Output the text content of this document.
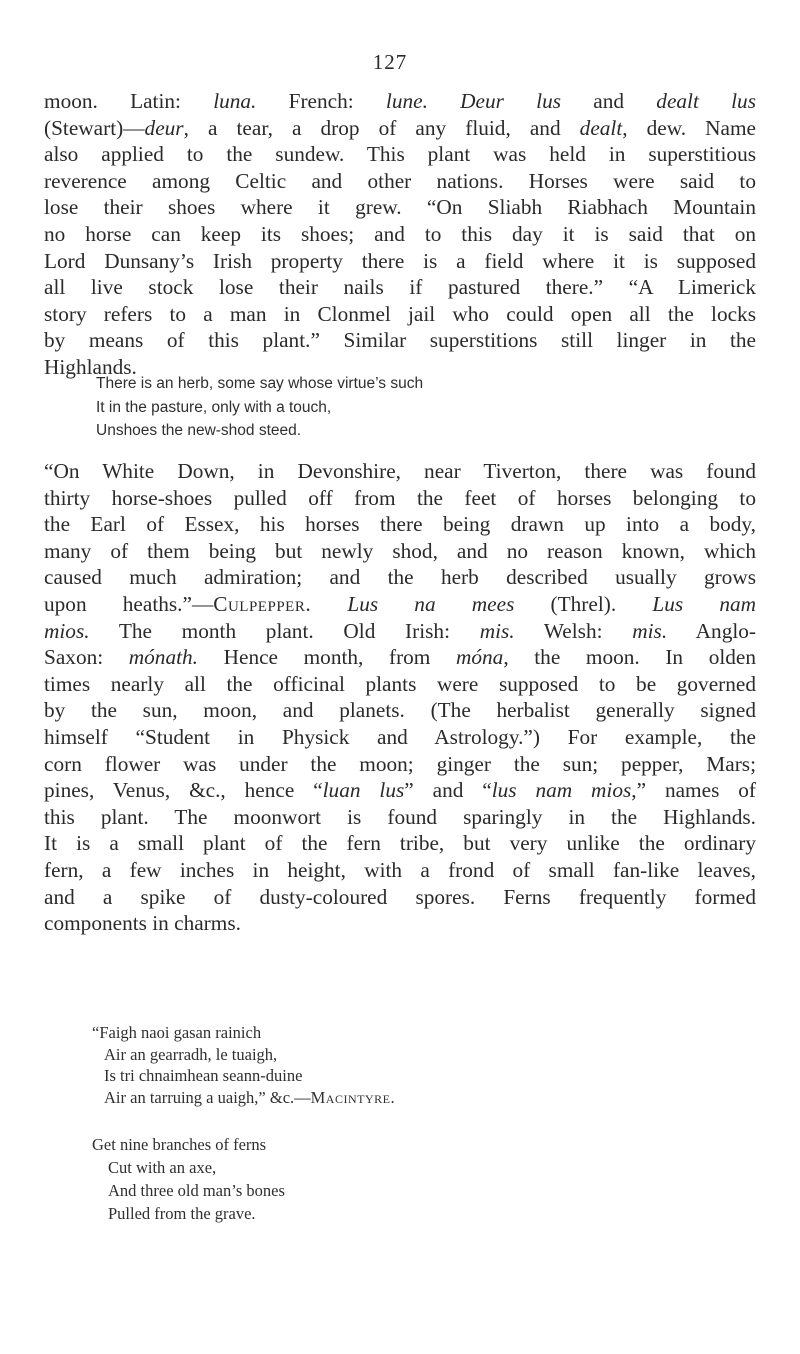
127
moon. Latin: luna. French: lune. Deur lus and dealt lus
(Stewart)—deur, a tear, a drop of any fluid, and dealt, dew. Name
also applied to the sundew. This plant was held in superstitious
reverence among Celtic and other nations. Horses were said to
lose their shoes where it grew. “On Sliabh Riabhach Mountain
no horse can keep its shoes; and to this day it is said that on
Lord Dunsany’s Irish property there is a field where it is supposed
all live stock lose their nails if pastured there.” “A Limerick
story refers to a man in Clonmel jail who could open all the locks
by means of this plant.” Similar superstitions still linger in the
Highlands.
There is an herb, some say whose virtue’s such
It in the pasture, only with a touch,
Unshoes the new-shod steed.
“On White Down, in Devonshire, near Tiverton, there was found
thirty horse-shoes pulled off from the feet of horses belonging to
the Earl of Essex, his horses there being drawn up into a body,
many of them being but newly shod, and no reason known, which
caused much admiration; and the herb described usually grows
upon heaths.”—Culpepper. Lus na mees (Threl). Lus nam
mios. The month plant. Old Irish: mis. Welsh: mis. Anglo-
Saxon: mónath. Hence month, from móna, the moon. In olden
times nearly all the officinal plants were supposed to be governed
by the sun, moon, and planets. (The herbalist generally signed
himself “Student in Physick and Astrology.”) For example, the
corn flower was under the moon; ginger the sun; pepper, Mars;
pines, Venus, &c., hence “luan lus” and “lus nam mios,” names of
this plant. The moonwort is found sparingly in the Highlands.
It is a small plant of the fern tribe, but very unlike the ordinary
fern, a few inches in height, with a frond of small fan-like leaves,
and a spike of dusty-coloured spores. Ferns frequently formed
components in charms.
“Faigh naoi gasan rainich
Air an gearradh, le tuaigh,
Is tri chnaimhean seann-duine
Air an tarruing a uaigh,” &c.—Macintyre.
Get nine branches of ferns
Cut with an axe,
And three old man’s bones
Pulled from the grave.
